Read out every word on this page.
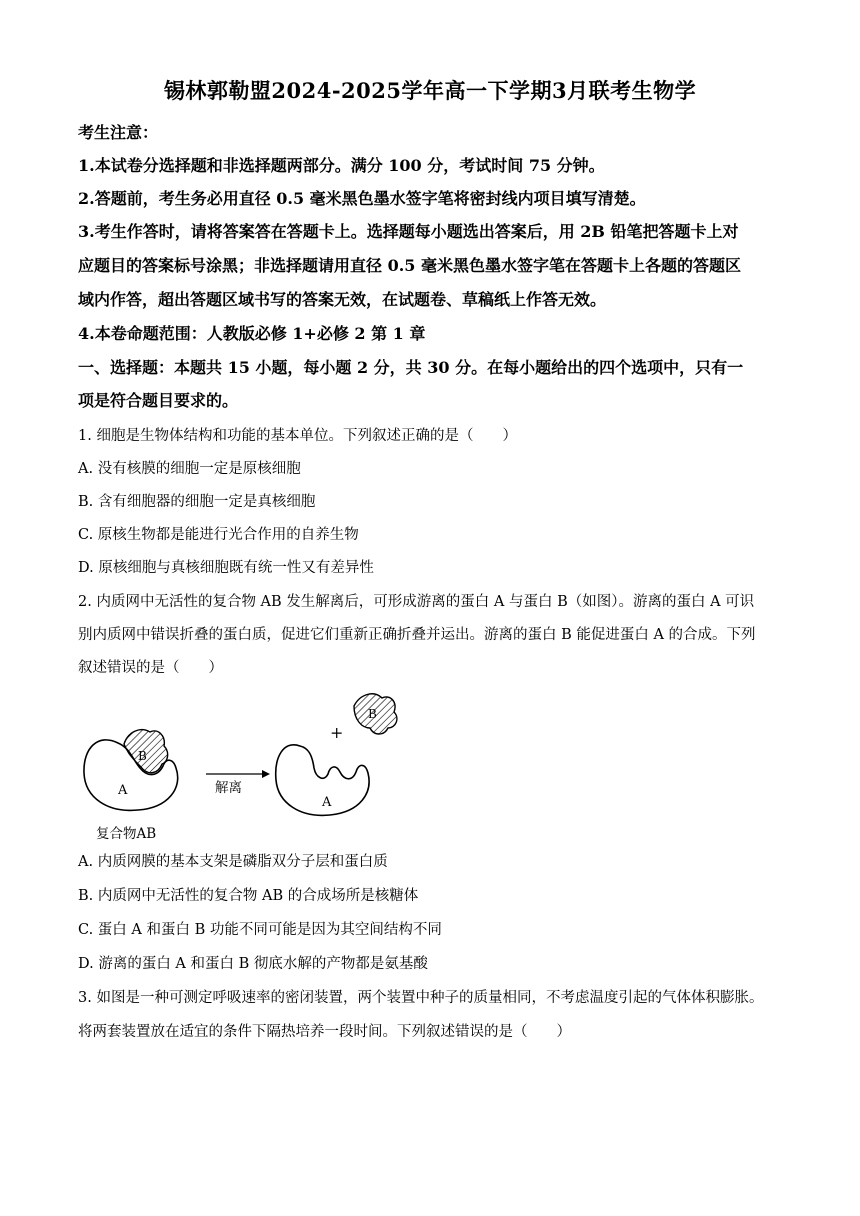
锡林郭勒盟2024-2025学年高一下学期3月联考生物学
考生注意：
1.本试卷分选择题和非选择题两部分。满分 100 分，考试时间 75 分钟。
2.答题前，考生务必用直径 0.5 毫米黑色墨水签字笔将密封线内项目填写清楚。
3.考生作答时，请将答案答在答题卡上。选择题每小题选出答案后，用 2B 铅笔把答题卡上对
应题目的答案标号涂黑；非选择题请用直径 0.5 毫米黑色墨水签字笔在答题卡上各题的答题区
域内作答，超出答题区域书写的答案无效，在试题卷、草稿纸上作答无效。
4.本卷命题范围：人教版必修 1+必修 2 第 1 章
一、选择题：本题共 15 小题，每小题 2 分，共 30 分。在每小题给出的四个选项中，只有一
项是符合题目要求的。
1. 细胞是生物体结构和功能的基本单位。下列叙述正确的是（　　）
A. 没有核膜的细胞一定是原核细胞
B. 含有细胞器的细胞一定是真核细胞
C. 原核生物都是能进行光合作用的自养生物
D. 原核细胞与真核细胞既有统一性又有差异性
2. 内质网中无活性的复合物 AB 发生解离后，可形成游离的蛋白 A 与蛋白 B（如图）。游离的蛋白 A 可识
别内质网中错误折叠的蛋白质，促进它们重新正确折叠并运出。游离的蛋白 B 能促进蛋白 A 的合成。下列
叙述错误的是（　　）
B
A
复合物AB
解离
A
+
B
A. 内质网膜的基本支架是磷脂双分子层和蛋白质
B. 内质网中无活性的复合物 AB 的合成场所是核糖体
C. 蛋白 A 和蛋白 B 功能不同可能是因为其空间结构不同
D. 游离的蛋白 A 和蛋白 B 彻底水解的产物都是氨基酸
3. 如图是一种可测定呼吸速率的密闭装置，两个装置中种子的质量相同，不考虑温度引起的气体体积膨胀。
将两套装置放在适宜的条件下隔热培养一段时间。下列叙述错误的是（　　）
